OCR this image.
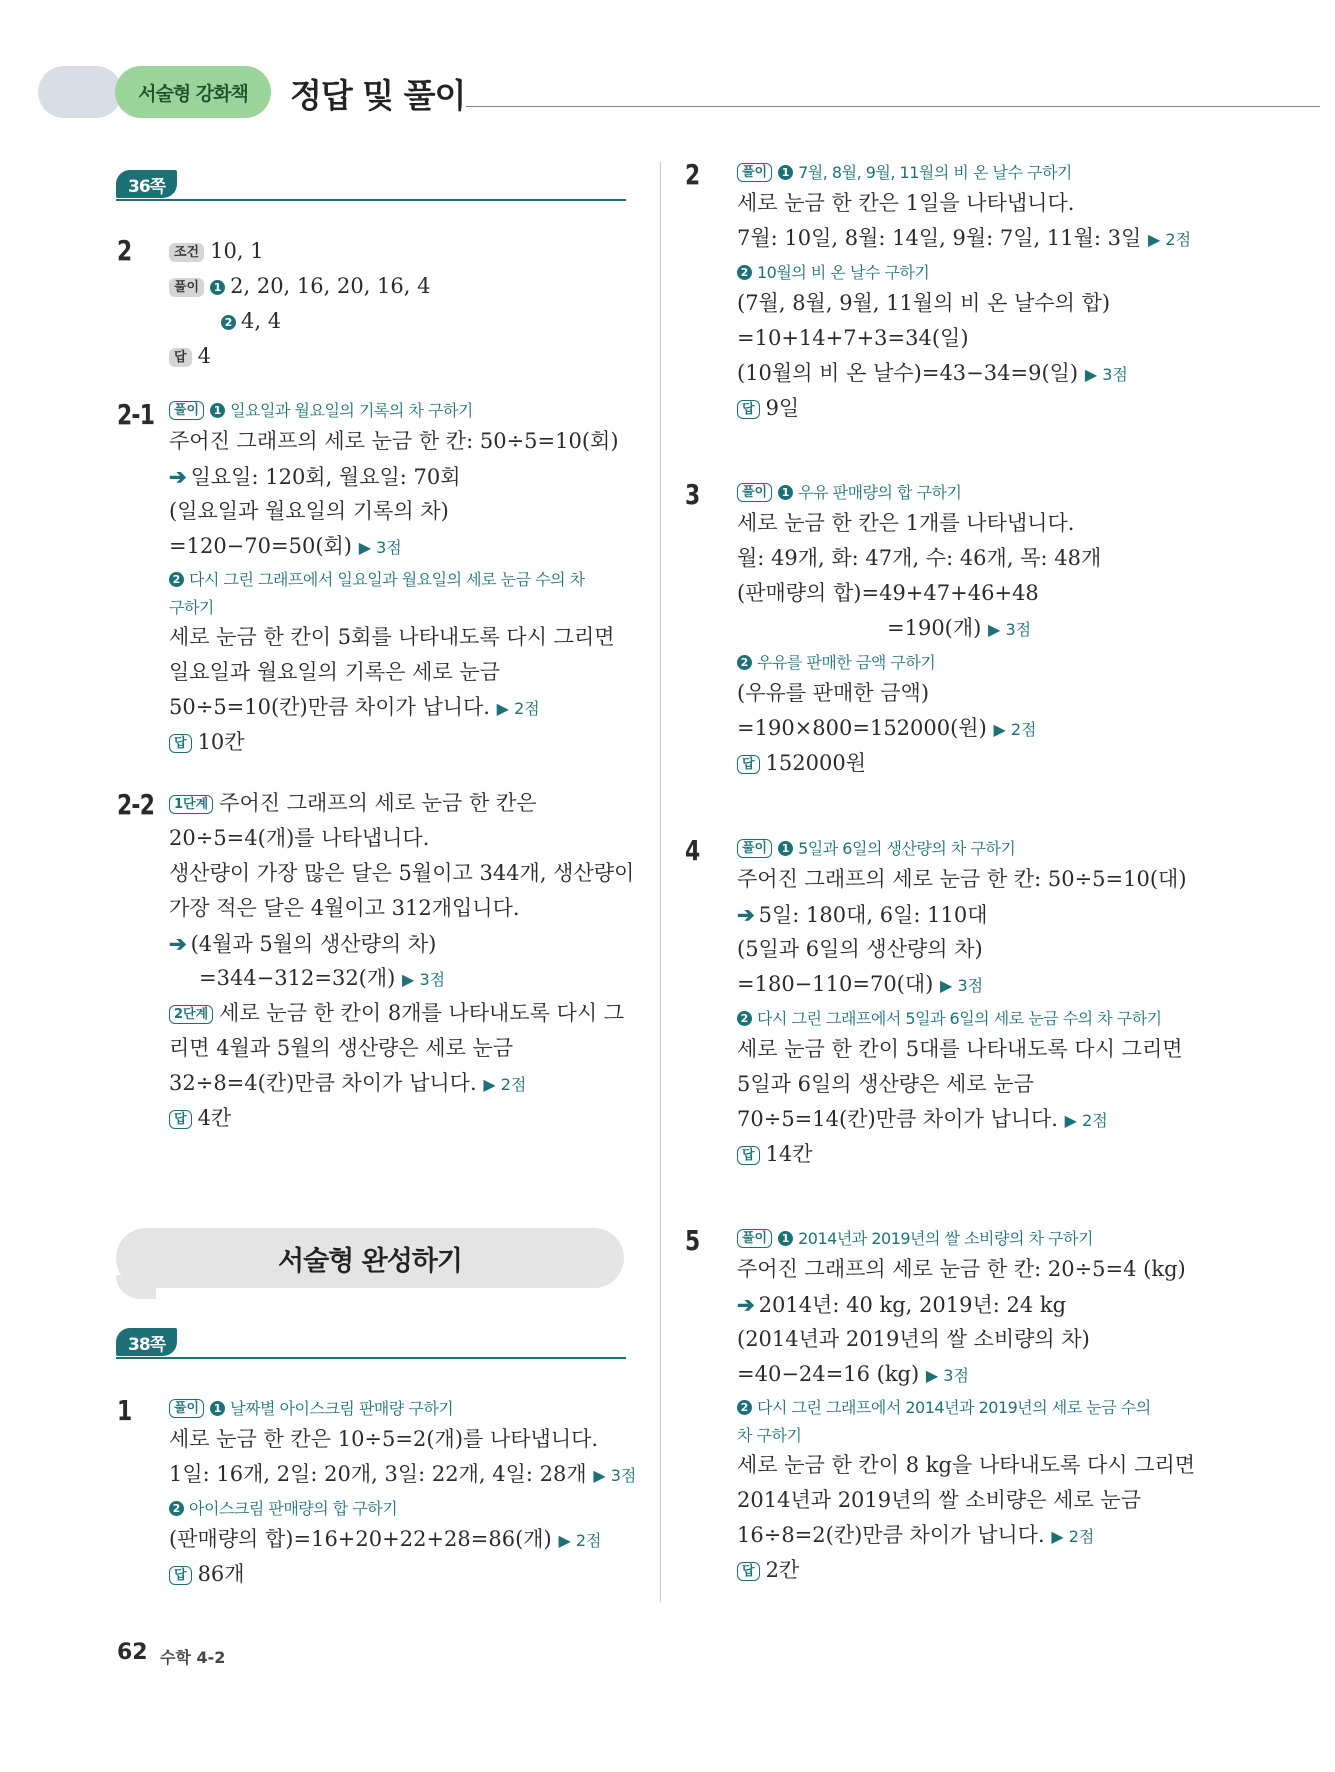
서술형 강화책	정답 및 풀이
36쪽
2	조건 10, 1
풀이 1 2, 20, 16, 20, 16, 4
2 4, 4
답 4
2-1	풀이 1 일요일과 월요일의 기록의 차 구하기
주어진 그래프의 세로 눈금 한 칸: 50÷5=10(회)
➔ 일요일: 120회, 월요일: 70회
(일요일과 월요일의 기록의 차)
=120−70=50(회) ▶ 3점
2 다시 그린 그래프에서 일요일과 월요일의 세로 눈금 수의 차
구하기
세로 눈금 한 칸이 5회를 나타내도록 다시 그리면
일요일과 월요일의 기록은 세로 눈금
50÷5=10(칸)만큼 차이가 납니다. ▶ 2점
답 10칸
2-2	1단계 주어진 그래프의 세로 눈금 한 칸은
20÷5=4(개)를 나타냅니다.
생산량이 가장 많은 달은 5월이고 344개, 생산량이
가장 적은 달은 4월이고 312개입니다.
➔ (4월과 5월의 생산량의 차)
=344−312=32(개) ▶ 3점
2단계 세로 눈금 한 칸이 8개를 나타내도록 다시 그
리면 4월과 5월의 생산량은 세로 눈금
32÷8=4(칸)만큼 차이가 납니다. ▶ 2점
답 4칸
서술형 완성하기
38쪽
1	풀이 1 날짜별 아이스크림 판매량 구하기
세로 눈금 한 칸은 10÷5=2(개)를 나타냅니다.
1일: 16개, 2일: 20개, 3일: 22개, 4일: 28개 ▶ 3점
2 아이스크림 판매량의 합 구하기
(판매량의 합)=16+20+22+28=86(개) ▶ 2점
답 86개
2	풀이 1 7월, 8월, 9월, 11월의 비 온 날수 구하기
세로 눈금 한 칸은 1일을 나타냅니다.
7월: 10일, 8월: 14일, 9월: 7일, 11월: 3일 ▶ 2점
2 10월의 비 온 날수 구하기
(7월, 8월, 9월, 11월의 비 온 날수의 합)
=10+14+7+3=34(일)
(10월의 비 온 날수)=43−34=9(일) ▶ 3점
답 9일
3	풀이 1 우유 판매량의 합 구하기
세로 눈금 한 칸은 1개를 나타냅니다.
월: 49개, 화: 47개, 수: 46개, 목: 48개
(판매량의 합)=49+47+46+48
=190(개) ▶ 3점
2 우유를 판매한 금액 구하기
(우유를 판매한 금액)
=190×800=152000(원) ▶ 2점
답 152000원
4	풀이 1 5일과 6일의 생산량의 차 구하기
주어진 그래프의 세로 눈금 한 칸: 50÷5=10(대)
➔ 5일: 180대, 6일: 110대
(5일과 6일의 생산량의 차)
=180−110=70(대) ▶ 3점
2 다시 그린 그래프에서 5일과 6일의 세로 눈금 수의 차 구하기
세로 눈금 한 칸이 5대를 나타내도록 다시 그리면
5일과 6일의 생산량은 세로 눈금
70÷5=14(칸)만큼 차이가 납니다. ▶ 2점
답 14칸
5	풀이 1 2014년과 2019년의 쌀 소비량의 차 구하기
주어진 그래프의 세로 눈금 한 칸: 20÷5=4 (kg)
➔ 2014년: 40 kg, 2019년: 24 kg
(2014년과 2019년의 쌀 소비량의 차)
=40−24=16 (kg) ▶ 3점
2 다시 그린 그래프에서 2014년과 2019년의 세로 눈금 수의
차 구하기
세로 눈금 한 칸이 8 kg을 나타내도록 다시 그리면
2014년과 2019년의 쌀 소비량은 세로 눈금
16÷8=2(칸)만큼 차이가 납니다. ▶ 2점
답 2칸
62 수학 4-2
